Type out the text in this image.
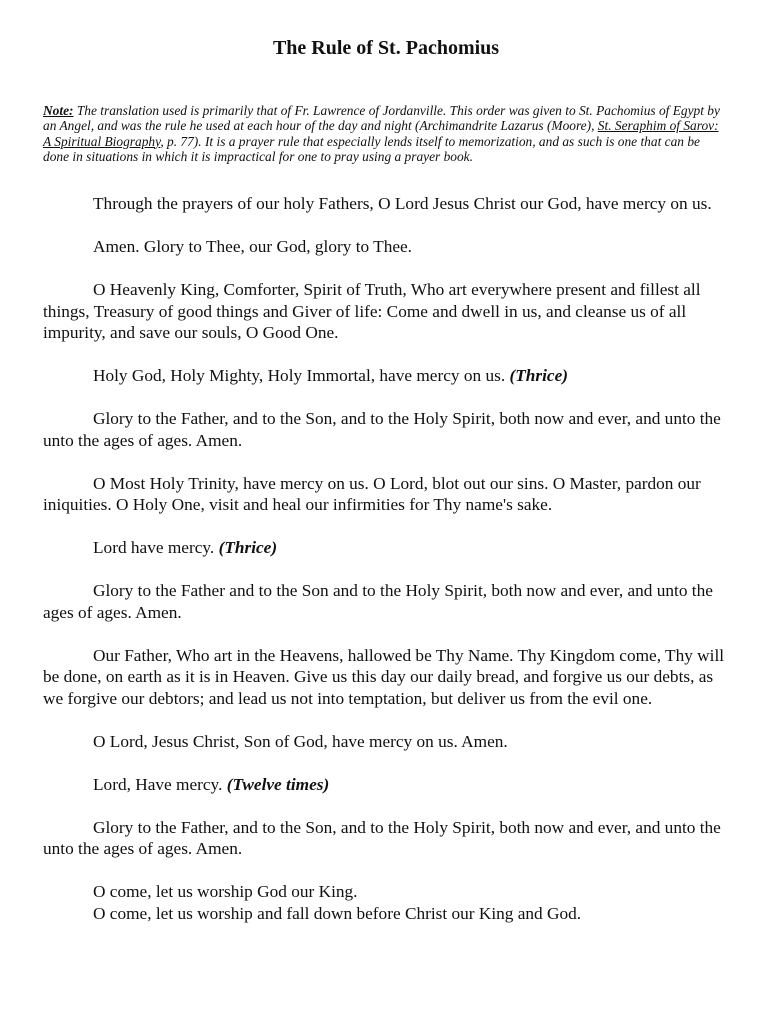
The Rule of St. Pachomius

Note: The translation used is primarily that of Fr. Lawrence of Jordanville. This order was given to St. Pachomius of Egypt by an Angel, and was the rule he used at each hour of the day and night (Archimandrite Lazarus (Moore), St. Seraphim of Sarov: A Spiritual Biography, p. 77). It is a prayer rule that especially lends itself to memorization, and as such is one that can be done in situations in which it is impractical for one to pray using a prayer book.

Through the prayers of our holy Fathers, O Lord Jesus Christ our God, have mercy on us.

Amen. Glory to Thee, our God, glory to Thee.

O Heavenly King, Comforter, Spirit of Truth, Who art everywhere present and fillest all things, Treasury of good things and Giver of life: Come and dwell in us, and cleanse us of all impurity, and save our souls, O Good One.

Holy God, Holy Mighty, Holy Immortal, have mercy on us. (Thrice)

Glory to the Father, and to the Son, and to the Holy Spirit, both now and ever, and unto the unto the ages of ages. Amen.

O Most Holy Trinity, have mercy on us. O Lord, blot out our sins. O Master, pardon our iniquities. O Holy One, visit and heal our infirmities for Thy name's sake.

Lord have mercy. (Thrice)

Glory to the Father and to the Son and to the Holy Spirit, both now and ever, and unto the ages of ages. Amen.

Our Father, Who art in the Heavens, hallowed be Thy Name. Thy Kingdom come, Thy will be done, on earth as it is in Heaven. Give us this day our daily bread, and forgive us our debts, as we forgive our debtors; and lead us not into temptation, but deliver us from the evil one.

O Lord, Jesus Christ, Son of God, have mercy on us. Amen.

Lord, Have mercy. (Twelve times)

Glory to the Father, and to the Son, and to the Holy Spirit, both now and ever, and unto the unto the ages of ages. Amen.

O come, let us worship God our King.

O come, let us worship and fall down before Christ our King and God.
